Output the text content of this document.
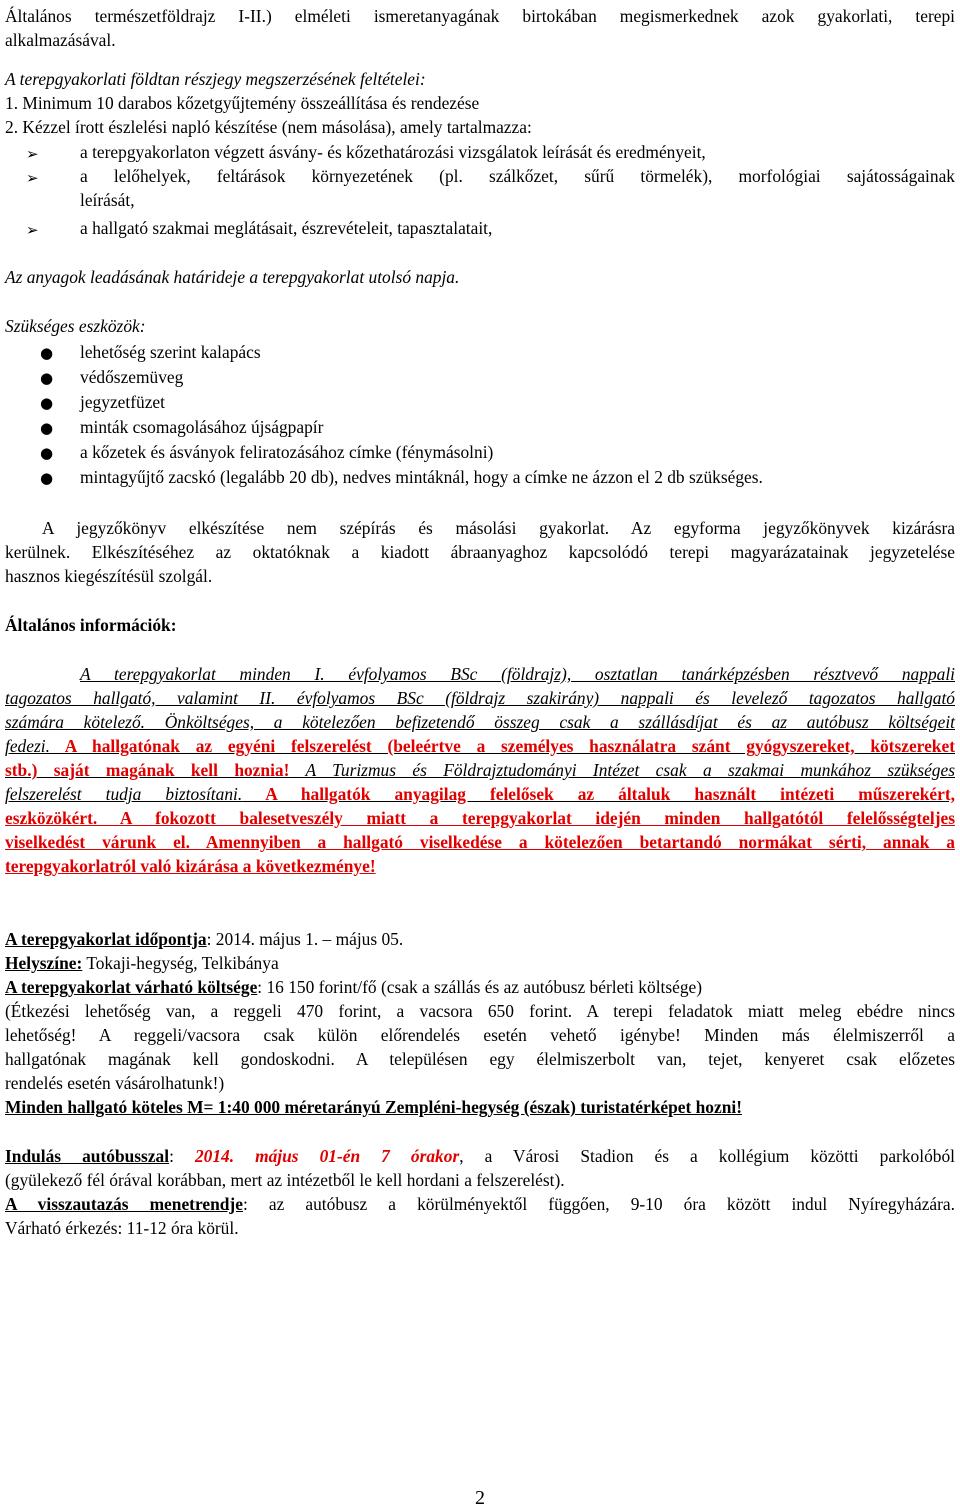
Általános természetföldrajz I-II.) elméleti ismeretanyagának birtokában megismerkednek azok gyakorlati, terepi
alkalmazásával.
A terepgyakorlati földtan részjegy megszerzésének feltételei:
1. Minimum 10 darabos kőzetgyűjtemény összeállítása és rendezése
2. Kézzel írott észlelési napló készítése (nem másolása), amely tartalmazza:
➢ a terepgyakorlaton végzett ásvány- és kőzethatározási vizsgálatok leírását és eredményeit,
➢ a lelőhelyek, feltárások környezetének (pl. szálkőzet, sűrű törmelék), morfológiai sajátosságainak
leírását,
➢ a hallgató szakmai meglátásait, észrevételeit, tapasztalatait,
Az anyagok leadásának határideje a terepgyakorlat utolsó napja.
Szükséges eszközök:
● lehetőség szerint kalapács
● védőszemüveg
● jegyzetfüzet
● minták csomagolásához újságpapír
● a kőzetek és ásványok feliratozásához címke (fénymásolni)
● mintagyűjtő zacskó (legalább 20 db), nedves mintáknál, hogy a címke ne ázzon el 2 db szükséges.
A jegyzőkönyv elkészítése nem szépírás és másolási gyakorlat. Az egyforma jegyzőkönyvek kizárásra
kerülnek. Elkészítéséhez az oktatóknak a kiadott ábraanyaghoz kapcsolódó terepi magyarázatainak jegyzetelése
hasznos kiegészítésül szolgál.
Általános információk:
A terepgyakorlat minden I. évfolyamos BSc (földrajz), osztatlan tanárképzésben résztvevő nappali
tagozatos hallgató, valamint II. évfolyamos BSc (földrajz szakirány) nappali és levelező tagozatos hallgató
számára kötelező. Önköltséges, a kötelezően befizetendő összeg csak a szállásdíjat és az autóbusz költségeit
fedezi. A hallgatónak az egyéni felszerelést (beleértve a személyes használatra szánt gyógyszereket, kötszereket
stb.) saját magának kell hoznia! A Turizmus és Földrajztudományi Intézet csak a szakmai munkához szükséges
felszerelést tudja biztosítani. A hallgatók anyagilag felelősek az általuk használt intézeti műszerekért,
eszközökért. A fokozott balesetveszély miatt a terepgyakorlat idején minden hallgatótól felelősségteljes
viselkedést várunk el. Amennyiben a hallgató viselkedése a kötelezően betartandó normákat sérti, annak a
terepgyakorlatról való kizárása a következménye!
A terepgyakorlat időpontja: 2014. május 1. – május 05.
Helyszíne: Tokaji-hegység, Telkibánya
A terepgyakorlat várható költsége: 16 150 forint/fő (csak a szállás és az autóbusz bérleti költsége)
(Étkezési lehetőség van, a reggeli 470 forint, a vacsora 650 forint. A terepi feladatok miatt meleg ebédre nincs
lehetőség! A reggeli/vacsora csak külön előrendelés esetén vehető igénybe! Minden más élelmiszerről a
hallgatónak magának kell gondoskodni. A településen egy élelmiszerbolt van, tejet, kenyeret csak előzetes
rendelés esetén vásárolhatunk!)
Minden hallgató köteles M= 1:40 000 méretarányú Zempléni-hegység (észak) turistatérképet hozni!
Indulás autóbusszal: 2014. május 01-én 7 órakor, a Városi Stadion és a kollégium közötti parkolóból
(gyülekező fél órával korábban, mert az intézetből le kell hordani a felszerelést).
A visszautazás menetrendje: az autóbusz a körülményektől függően, 9-10 óra között indul Nyíregyházára.
Várható érkezés: 11-12 óra körül.
2
